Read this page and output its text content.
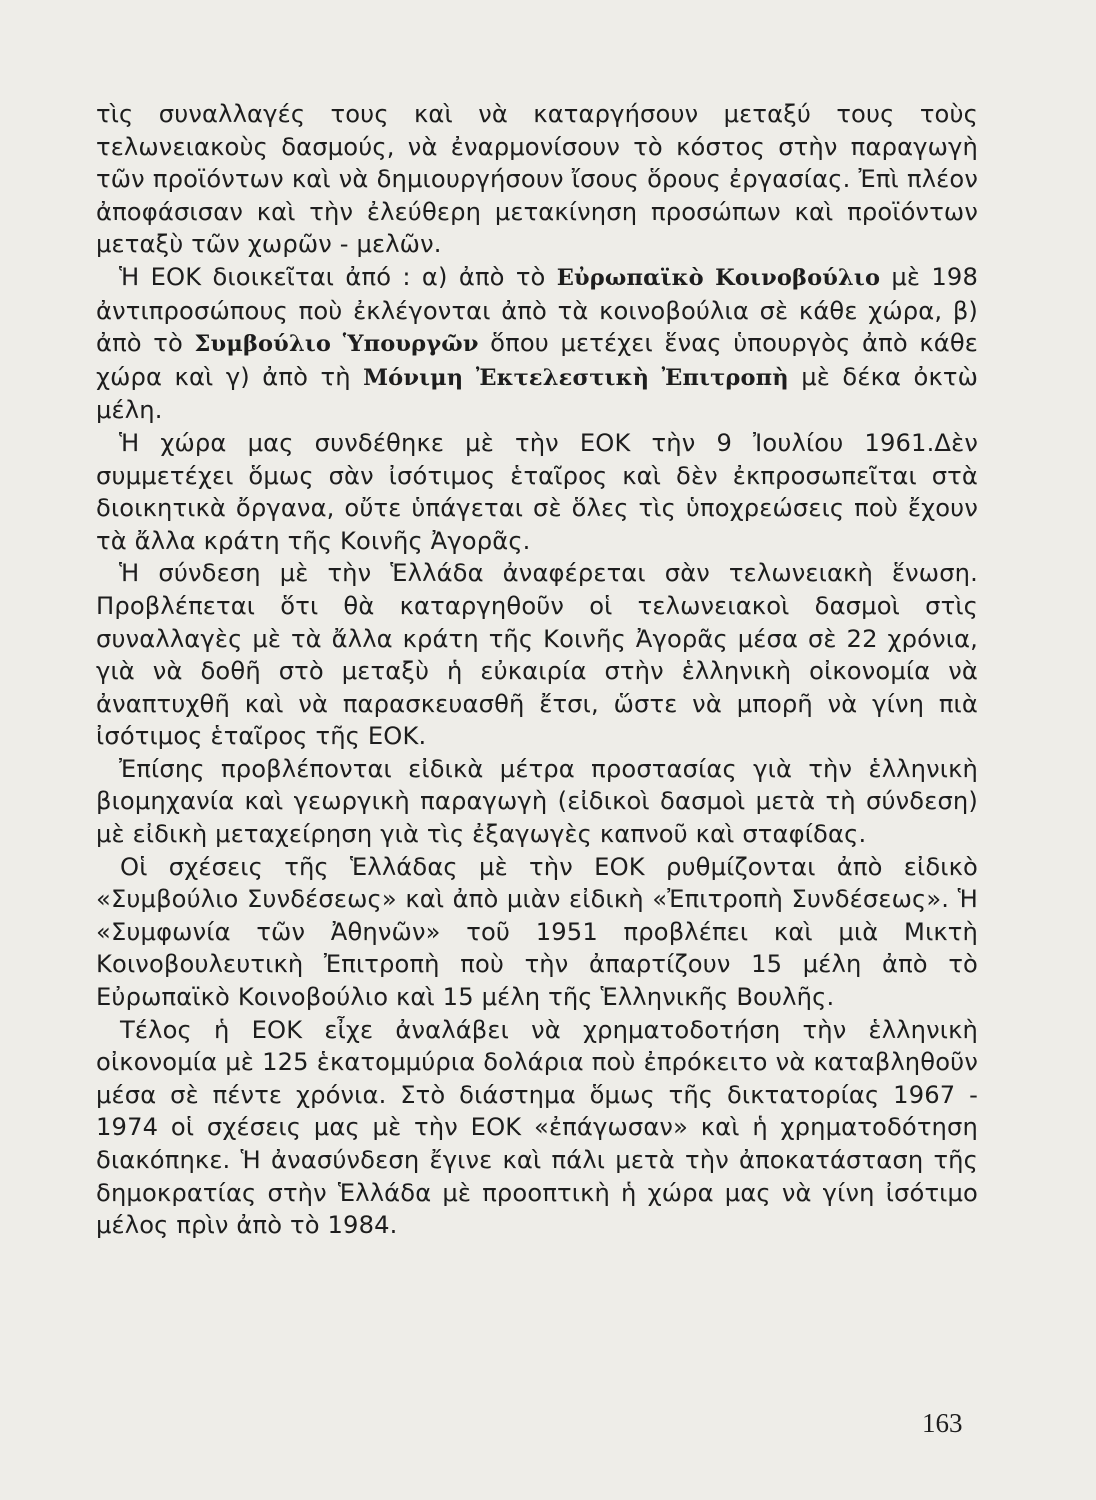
τὶς συναλλαγές τους καὶ νὰ καταργήσουν μεταξύ τους τοὺς τελωνειακοὺς δασμούς, νὰ ἐναρμονίσουν τὸ κόστος στὴν παραγωγὴ τῶν προϊόντων καὶ νὰ δημιουργήσουν ἴσους ὅρους ἐργασίας. Ἐπὶ πλέον ἀποφάσισαν καὶ τὴν ἐλεύθερη μετακίνηση προσώπων καὶ προϊόντων μεταξὺ τῶν χωρῶν - μελῶν.

Ἡ ΕΟΚ διοικεῖται ἀπό : α) ἀπὸ τὸ Εὐρωπαϊκὸ Κοινοβούλιο μὲ 198 ἀντιπροσώπους ποὺ ἐκλέγονται ἀπὸ τὰ κοινοβούλια σὲ κάθε χώρα, β) ἀπὸ τὸ Συμβούλιο Ὑπουργῶν ὅπου μετέχει ἕνας ὑπουργὸς ἀπὸ κάθε χώρα καὶ γ) ἀπὸ τὴ Μόνιμη Ἐκτελεστικὴ Ἐπιτροπὴ μὲ δέκα ὀκτὼ μέλη.

Ἡ χώρα μας συνδέθηκε μὲ τὴν ΕΟΚ τὴν 9 Ἰουλίου 1961.Δὲν συμμετέχει ὅμως σὰν ἰσότιμος ἑταῖρος καὶ δὲν ἐκπροσωπεῖται στὰ διοικητικὰ ὄργανα, οὔτε ὑπάγεται σὲ ὅλες τὶς ὑποχρεώσεις ποὺ ἔχουν τὰ ἄλλα κράτη τῆς Κοινῆς Ἀγορᾶς.

Ἡ σύνδεση μὲ τὴν Ἑλλάδα ἀναφέρεται σὰν τελωνειακὴ ἕνωση. Προβλέπεται ὅτι θὰ καταργηθοῦν οἱ τελωνειακοὶ δασμοὶ στὶς συναλλαγὲς μὲ τὰ ἄλλα κράτη τῆς Κοινῆς Ἀγορᾶς μέσα σὲ 22 χρόνια, γιὰ νὰ δοθῆ στὸ μεταξὺ ἡ εὐκαιρία στὴν ἑλληνικὴ οἰκονομία νὰ ἀναπτυχθῆ καὶ νὰ παρασκευασθῆ ἔτσι, ὥστε νὰ μπορῆ νὰ γίνη πιὰ ἰσότιμος ἑταῖρος τῆς ΕΟΚ.

Ἐπίσης προβλέπονται εἰδικὰ μέτρα προστασίας γιὰ τὴν ἑλληνικὴ βιομηχανία καὶ γεωργικὴ παραγωγὴ (εἰδικοὶ δασμοὶ μετὰ τὴ σύνδεση) μὲ εἰδικὴ μεταχείρηση γιὰ τὶς ἐξαγωγὲς καπνοῦ καὶ σταφίδας.

Οἱ σχέσεις τῆς Ἑλλάδας μὲ τὴν ΕΟΚ ρυθμίζονται ἀπὸ εἰδικὸ «Συμβούλιο Συνδέσεως» καὶ ἀπὸ μιὰν εἰδικὴ «Ἐπιτροπὴ Συνδέσεως». Ἡ «Συμφωνία τῶν Ἀθηνῶν» τοῦ 1951 προβλέπει καὶ μιὰ Μικτὴ Κοινοβουλευτικὴ Ἐπιτροπὴ ποὺ τὴν ἀπαρτίζουν 15 μέλη ἀπὸ τὸ Εὐρωπαϊκὸ Κοινοβούλιο καὶ 15 μέλη τῆς Ἑλληνικῆς Βουλῆς.

Τέλος ἡ ΕΟΚ εἶχε ἀναλάβει νὰ χρηματοδοτήση τὴν ἑλληνικὴ οἰκονομία μὲ 125 ἑκατομμύρια δολάρια ποὺ ἐπρόκειτο νὰ καταβληθοῦν μέσα σὲ πέντε χρόνια. Στὸ διάστημα ὅμως τῆς δικτατορίας 1967 - 1974 οἱ σχέσεις μας μὲ τὴν ΕΟΚ «ἐπάγωσαν» καὶ ἡ χρηματοδότηση διακόπηκε. Ἡ ἀνασύνδεση ἔγινε καὶ πάλι μετὰ τὴν ἀποκατάσταση τῆς δημοκρατίας στὴν Ἑλλάδα μὲ προοπτικὴ ἡ χώρα μας νὰ γίνη ἰσότιμο μέλος πρὶν ἀπὸ τὸ 1984.

163
